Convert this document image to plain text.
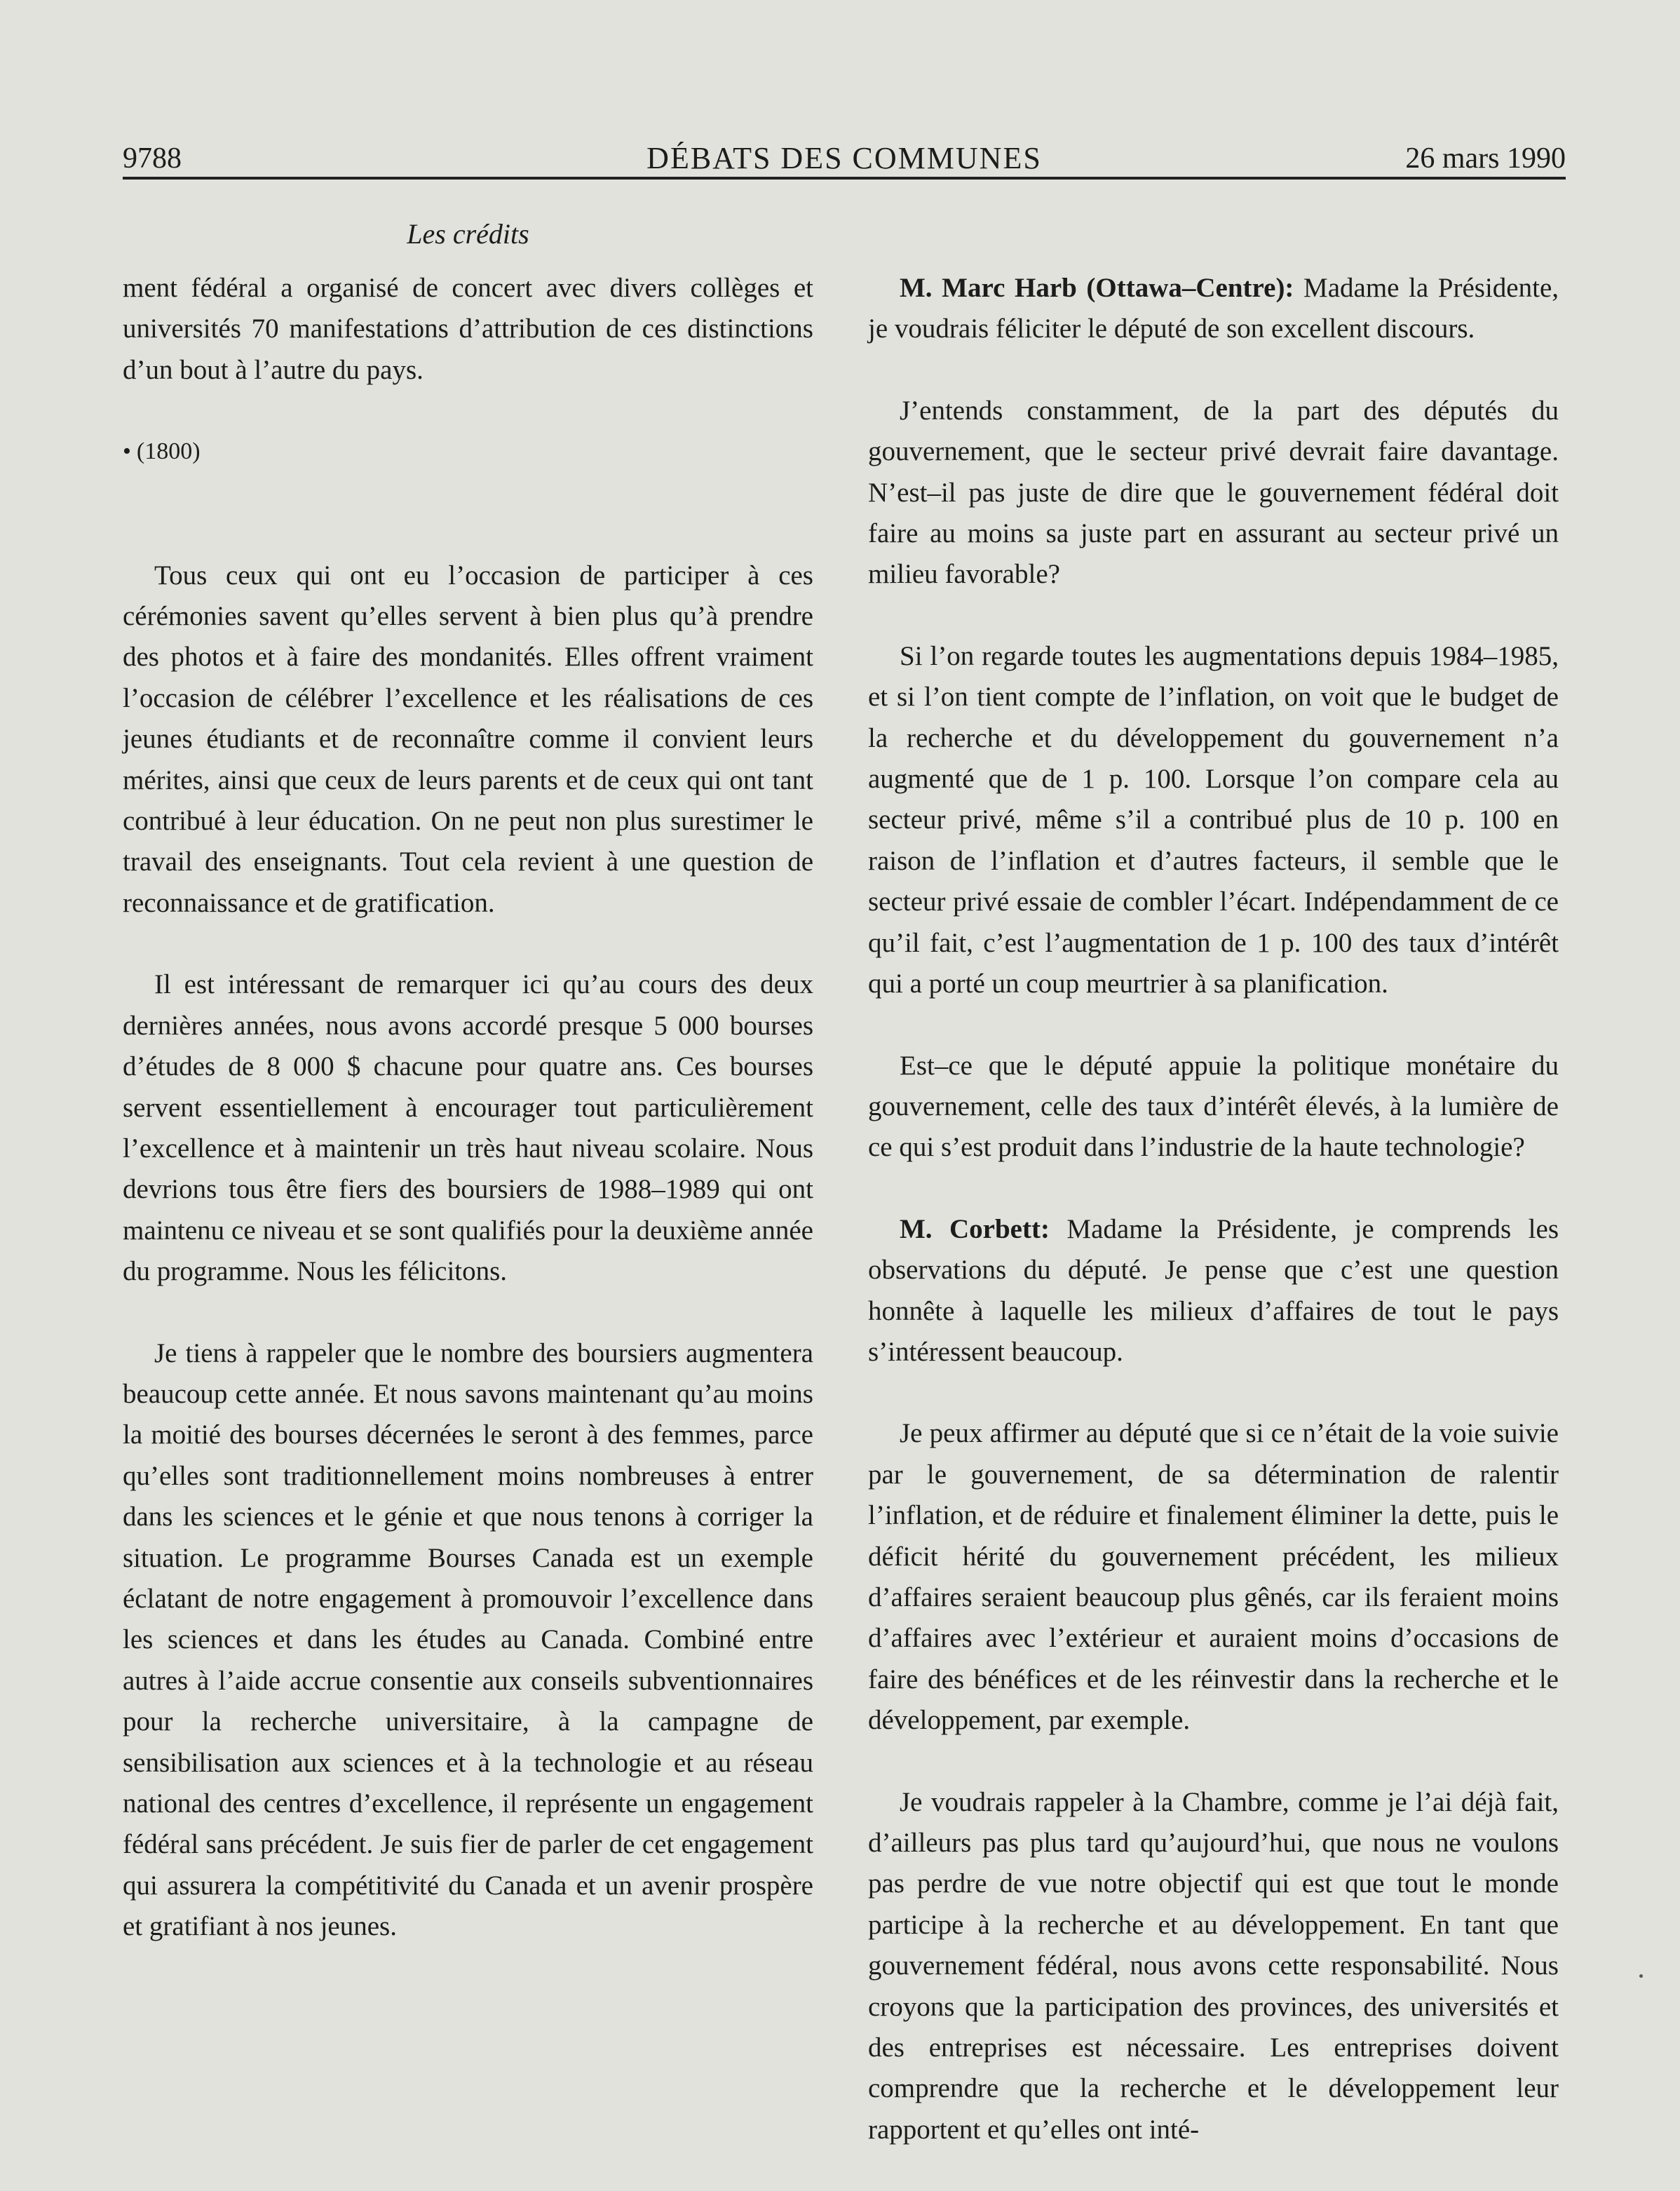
DÉBATS DES COMMUNES
9788	26 mars 1990
Les crédits

ment fédéral a organisé de concert avec divers collèges et universités 70 manifestations d’attribution de ces distinctions d’un bout à l’autre du pays.

• (1800)

Tous ceux qui ont eu l’occasion de participer à ces cérémonies savent qu’elles servent à bien plus qu’à prendre des photos et à faire des mondanités. Elles offrent vraiment l’occasion de célébrer l’excellence et les réalisations de ces jeunes étudiants et de reconnaître comme il convient leurs mérites, ainsi que ceux de leurs parents et de ceux qui ont tant contribué à leur éducation. On ne peut non plus surestimer le travail des enseignants. Tout cela revient à une question de reconnaissance et de gratification.

Il est intéressant de remarquer ici qu’au cours des deux dernières années, nous avons accordé presque 5 000 bourses d’études de 8 000 $ chacune pour quatre ans. Ces bourses servent essentiellement à encourager tout particulièrement l’excellence et à maintenir un très haut niveau scolaire. Nous devrions tous être fiers des boursiers de 1988–1989 qui ont maintenu ce niveau et se sont qualifiés pour la deuxième année du programme. Nous les félicitons.

Je tiens à rappeler que le nombre des boursiers augmentera beaucoup cette année. Et nous savons maintenant qu’au moins la moitié des bourses décernées le seront à des femmes, parce qu’elles sont traditionnellement moins nombreuses à entrer dans les sciences et le génie et que nous tenons à corriger la situation. Le programme Bourses Canada est un exemple éclatant de notre engagement à promouvoir l’excellence dans les sciences et dans les études au Canada. Combiné entre autres à l’aide accrue consentie aux conseils subventionnaires pour la recherche universitaire, à la campagne de sensibilisation aux sciences et à la technologie et au réseau national des centres d’excellence, il représente un engagement fédéral sans précédent. Je suis fier de parler de cet engagement qui assurera la compétitivité du Canada et un avenir prospère et gratifiant à nos jeunes.

M. Marc Harb (Ottawa–Centre): Madame la Présidente, je voudrais féliciter le député de son excellent discours.

J’entends constamment, de la part des députés du gouvernement, que le secteur privé devrait faire davantage. N’est–il pas juste de dire que le gouvernement fédéral doit faire au moins sa juste part en assurant au secteur privé un milieu favorable?

Si l’on regarde toutes les augmentations depuis 1984–1985, et si l’on tient compte de l’inflation, on voit que le budget de la recherche et du développement du gouvernement n’a augmenté que de 1 p. 100. Lorsque l’on compare cela au secteur privé, même s’il a contribué plus de 10 p. 100 en raison de l’inflation et d’autres facteurs, il semble que le secteur privé essaie de combler l’écart. Indépendamment de ce qu’il fait, c’est l’augmentation de 1 p. 100 des taux d’intérêt qui a porté un coup meurtrier à sa planification.

Est–ce que le député appuie la politique monétaire du gouvernement, celle des taux d’intérêt élevés, à la lumière de ce qui s’est produit dans l’industrie de la haute technologie?

M. Corbett: Madame la Présidente, je comprends les observations du député. Je pense que c’est une question honnête à laquelle les milieux d’affaires de tout le pays s’intéressent beaucoup.

Je peux affirmer au député que si ce n’était de la voie suivie par le gouvernement, de sa détermination de ralentir l’inflation, et de réduire et finalement éliminer la dette, puis le déficit hérité du gouvernement précédent, les milieux d’affaires seraient beaucoup plus gênés, car ils feraient moins d’affaires avec l’extérieur et auraient moins d’occasions de faire des bénéfices et de les réinvestir dans la recherche et le développement, par exemple.

Je voudrais rappeler à la Chambre, comme je l’ai déjà fait, d’ailleurs pas plus tard qu’aujourd’hui, que nous ne voulons pas perdre de vue notre objectif qui est que tout le monde participe à la recherche et au développement. En tant que gouvernement fédéral, nous avons cette responsabilité. Nous croyons que la participation des provinces, des universités et des entreprises est nécessaire. Les entreprises doivent comprendre que la recherche et le développement leur rapportent et qu’elles ont inté-
